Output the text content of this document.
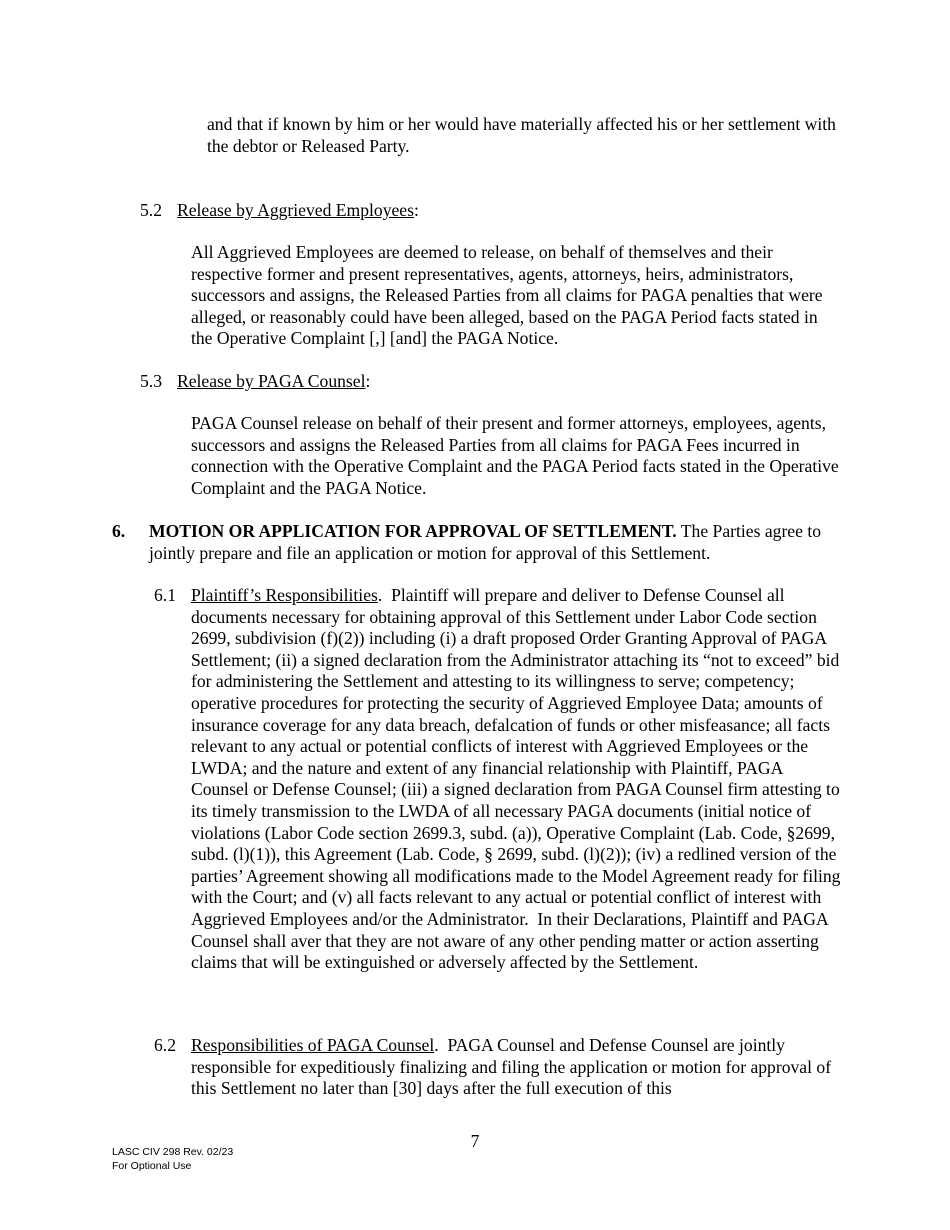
and that if known by him or her would have materially affected his or her settlement with the debtor or Released Party.

5.2 Release by Aggrieved Employees:

All Aggrieved Employees are deemed to release, on behalf of themselves and their respective former and present representatives, agents, attorneys, heirs, administrators, successors and assigns, the Released Parties from all claims for PAGA penalties that were alleged, or reasonably could have been alleged, based on the PAGA Period facts stated in the Operative Complaint [,] [and] the PAGA Notice.

5.3 Release by PAGA Counsel:

PAGA Counsel release on behalf of their present and former attorneys, employees, agents, successors and assigns the Released Parties from all claims for PAGA Fees incurred in connection with the Operative Complaint and the PAGA Period facts stated in the Operative Complaint and the PAGA Notice.

6. MOTION OR APPLICATION FOR APPROVAL OF SETTLEMENT. The Parties agree to jointly prepare and file an application or motion for approval of this Settlement.

6.1 Plaintiff’s Responsibilities.  Plaintiff will prepare and deliver to Defense Counsel all documents necessary for obtaining approval of this Settlement under Labor Code section 2699, subdivision (f)(2)) including (i) a draft proposed Order Granting Approval of PAGA Settlement; (ii) a signed declaration from the Administrator attaching its “not to exceed” bid for administering the Settlement and attesting to its willingness to serve; competency; operative procedures for protecting the security of Aggrieved Employee Data; amounts of insurance coverage for any data breach, defalcation of funds or other misfeasance; all facts relevant to any actual or potential conflicts of interest with Aggrieved Employees or the LWDA; and the nature and extent of any financial relationship with Plaintiff, PAGA Counsel or Defense Counsel; (iii) a signed declaration from PAGA Counsel firm attesting to its timely transmission to the LWDA of all necessary PAGA documents (initial notice of violations (Labor Code section 2699.3, subd. (a)), Operative Complaint (Lab. Code, §2699, subd. (l)(1)), this Agreement (Lab. Code, § 2699, subd. (l)(2)); (iv) a redlined version of the parties’ Agreement showing all modifications made to the Model Agreement ready for filing with the Court; and (v) all facts relevant to any actual or potential conflict of interest with Aggrieved Employees and/or the Administrator.  In their Declarations, Plaintiff and PAGA Counsel shall aver that they are not aware of any other pending matter or action asserting claims that will be extinguished or adversely affected by the Settlement.

6.2 Responsibilities of PAGA Counsel.  PAGA Counsel and Defense Counsel are jointly responsible for expeditiously finalizing and filing the application or motion for approval of this Settlement no later than [30] days after the full execution of this

7
LASC CIV 298 Rev. 02/23
For Optional Use
